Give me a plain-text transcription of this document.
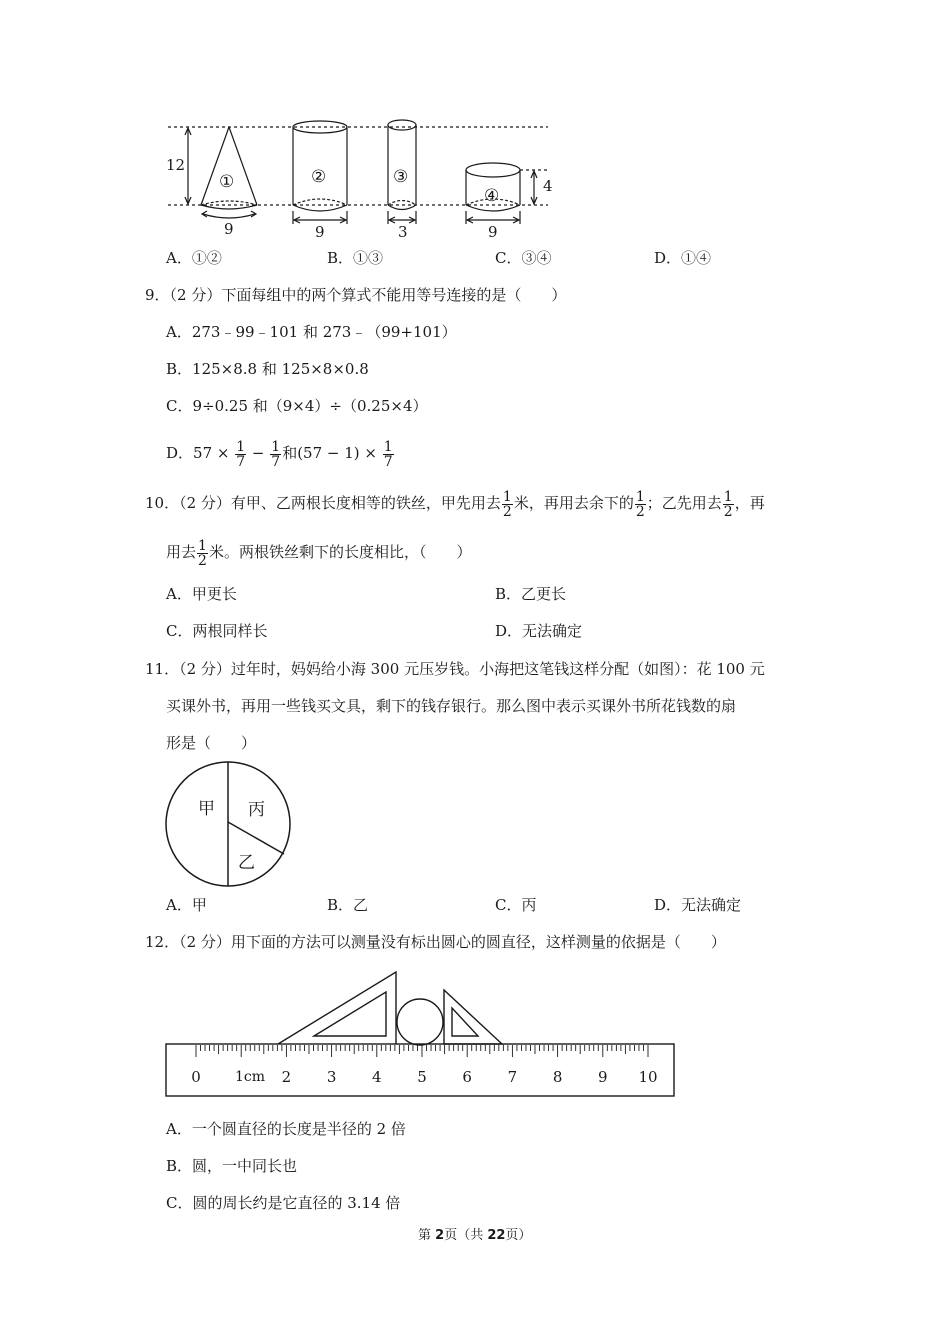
12
4
①	②	③
④
9	9	3	9
A．①②	B．①③	C．③④	D．①④
9．（2 分）下面每组中的两个算式不能用等号连接的是（　　）
A．273﹣99﹣101 和 273﹣（99+101）
B．125×8.8 和 125×8×0.8
C．9÷0.25 和（9×4）÷（0.25×4）
D．$57 \times \frac{1}{7} - \frac{1}{7}$ 和$(57 - 1) \times \frac{1}{7}$
10．（2 分）有甲、乙两根长度相等的铁丝，甲先用去 $\frac{1}{2}$ 米，再用去余下的 $\frac{1}{2}$ ；乙先用去 $\frac{1}{2}$ ，再
用去 $\frac{1}{2}$ 米。两根铁丝剩下的长度相比，（　　）
A．甲更长	B．乙更长
C．两根同样长	D．无法确定
11．（2 分）过年时，妈妈给小海 300 元压岁钱。小海把这笔钱这样分配（如图）：花 100 元
买课外书，再用一些钱买文具，剩下的钱存银行。那么图中表示买课外书所花钱数的扇
形是（　　）
甲 丙
乙
A．甲	B．乙	C．丙	D．无法确定
12．（2 分）用下面的方法可以测量没有标出圆心的圆直径，这样测量的依据是（　　）
0	2 3 4 5 6 7 8 9 10
1cm
A．一个圆直径的长度是半径的 2 倍
B．圆，一中同长也
C．圆的周长约是它直径的 3.14 倍
第 2页（共 22页）
